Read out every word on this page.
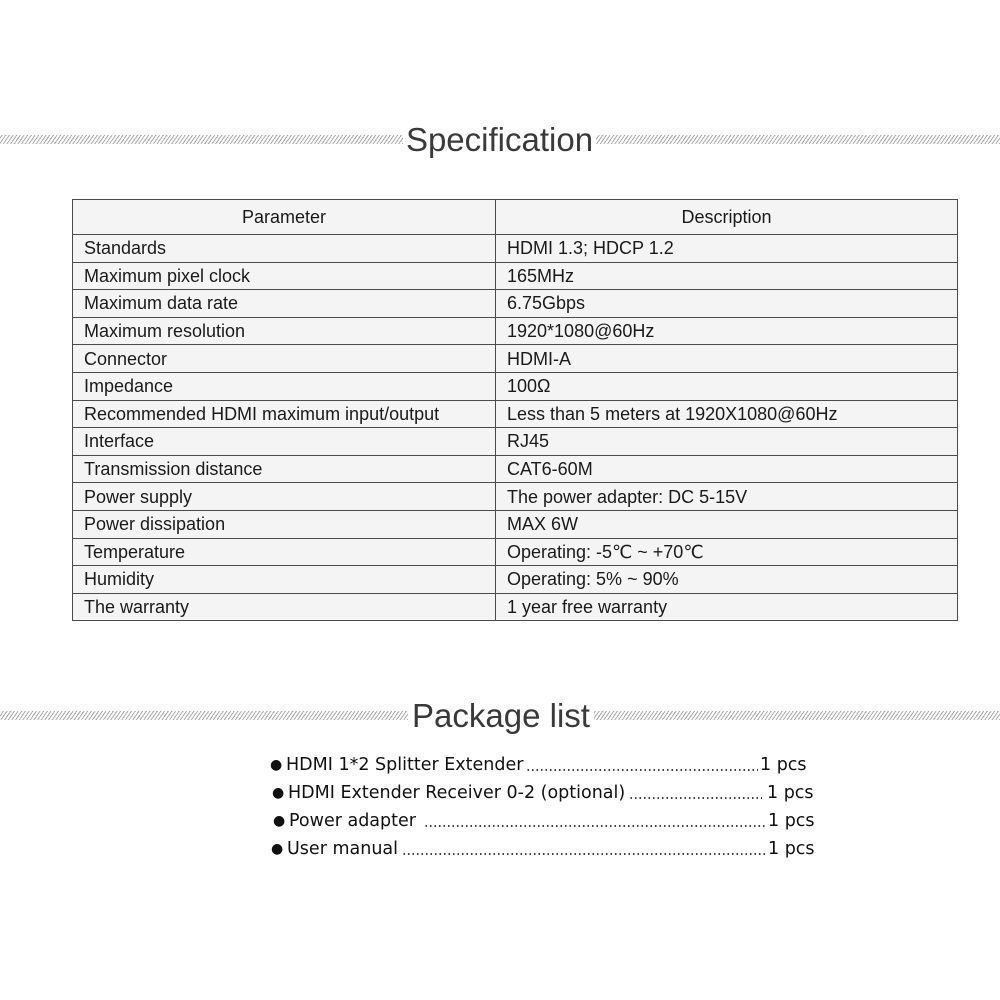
Specification
Parameter	Description
Standards	HDMI 1.3; HDCP 1.2
Maximum pixel clock	165MHz
Maximum data rate	6.75Gbps
Maximum resolution	1920*1080@60Hz
Connector	HDMI-A
Impedance	100Ω
Recommended HDMI maximum input/output	Less than 5 meters at 1920X1080@60Hz
Interface	RJ45
Transmission distance	CAT6-60M
Power supply	The power adapter: DC 5-15V
Power dissipation	MAX 6W
Temperature	Operating: -5℃ ~ +70℃
Humidity	Operating: 5% ~ 90%
The warranty	1 year free warranty
Package list
● HDMI 1*2 Splitter Extender	1 pcs
● HDMI Extender Receiver 0-2 (optional)	1 pcs
● Power adapter	1 pcs
● User manual	1 pcs
